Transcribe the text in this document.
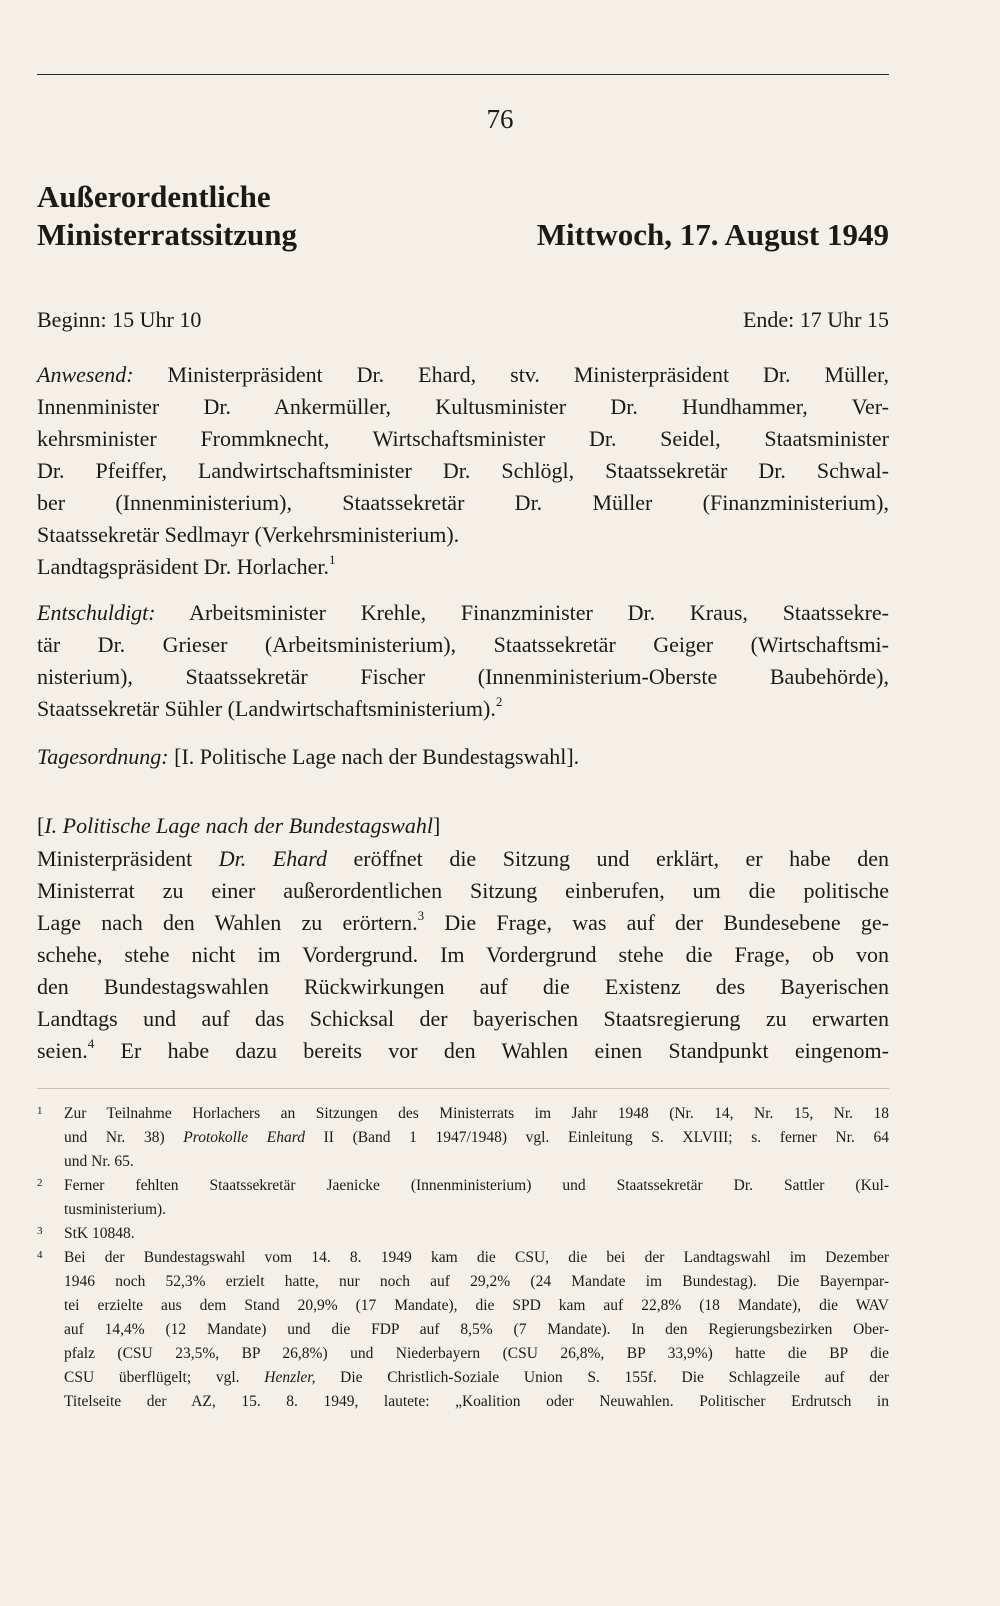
76
Außerordentliche
Ministerratssitzung	Mittwoch, 17. August 1949
Beginn: 15 Uhr 10	Ende: 17 Uhr 15
Anwesend: Ministerpräsident Dr. Ehard, stv. Ministerpräsident Dr. Müller,
Innenminister Dr. Ankermüller, Kultusminister Dr. Hundhammer, Ver-
kehrsminister Frommknecht, Wirtschaftsminister Dr. Seidel, Staatsminister
Dr. Pfeiffer, Landwirtschaftsminister Dr. Schlögl, Staatssekretär Dr. Schwal-
ber (Innenministerium), Staatssekretär Dr. Müller (Finanzministerium),
Staatssekretär Sedlmayr (Verkehrsministerium).
Landtagspräsident Dr. Horlacher.$^1$
Entschuldigt: Arbeitsminister Krehle, Finanzminister Dr. Kraus, Staatssekre-
tär Dr. Grieser (Arbeitsministerium), Staatssekretär Geiger (Wirtschaftsmi-
nisterium), Staatssekretär Fischer (Innenministerium-Oberste Baubehörde),
Staatssekretär Sühler (Landwirtschaftsministerium).$^2$
Tagesordnung: [I. Politische Lage nach der Bundestagswahl].
[I. Politische Lage nach der Bundestagswahl]
Ministerpräsident Dr. Ehard eröffnet die Sitzung und erklärt, er habe den
Ministerrat zu einer außerordentlichen Sitzung einberufen, um die politische
Lage nach den Wahlen zu erörtern.$^3$ Die Frage, was auf der Bundesebene ge-
schehe, stehe nicht im Vordergrund. Im Vordergrund stehe die Frage, ob von
den Bundestagswahlen Rückwirkungen auf die Existenz des Bayerischen
Landtags und auf das Schicksal der bayerischen Staatsregierung zu erwarten
seien.$^4$ Er habe dazu bereits vor den Wahlen einen Standpunkt eingenom-
1 Zur Teilnahme Horlachers an Sitzungen des Ministerrats im Jahr 1948 (Nr. 14, Nr. 15, Nr. 18
und Nr. 38) Protokolle Ehard II (Band 1 1947/1948) vgl. Einleitung S. XLVIII; s. ferner Nr. 64
und Nr. 65.
2 Ferner fehlten Staatssekretär Jaenicke (Innenministerium) und Staatssekretär Dr. Sattler (Kul-
tusministerium).
3 StK 10848.
4 Bei der Bundestagswahl vom 14. 8. 1949 kam die CSU, die bei der Landtagswahl im Dezember
1946 noch 52,3% erzielt hatte, nur noch auf 29,2% (24 Mandate im Bundestag). Die Bayernpar-
tei erzielte aus dem Stand 20,9% (17 Mandate), die SPD kam auf 22,8% (18 Mandate), die WAV
auf 14,4% (12 Mandate) und die FDP auf 8,5% (7 Mandate). In den Regierungsbezirken Ober-
pfalz (CSU 23,5%, BP 26,8%) und Niederbayern (CSU 26,8%, BP 33,9%) hatte die BP die
CSU überflügelt; vgl. Henzler, Die Christlich-Soziale Union S. 155f. Die Schlagzeile auf der
Titelseite der AZ, 15. 8. 1949, lautete: „Koalition oder Neuwahlen. Politischer Erdrutsch in
